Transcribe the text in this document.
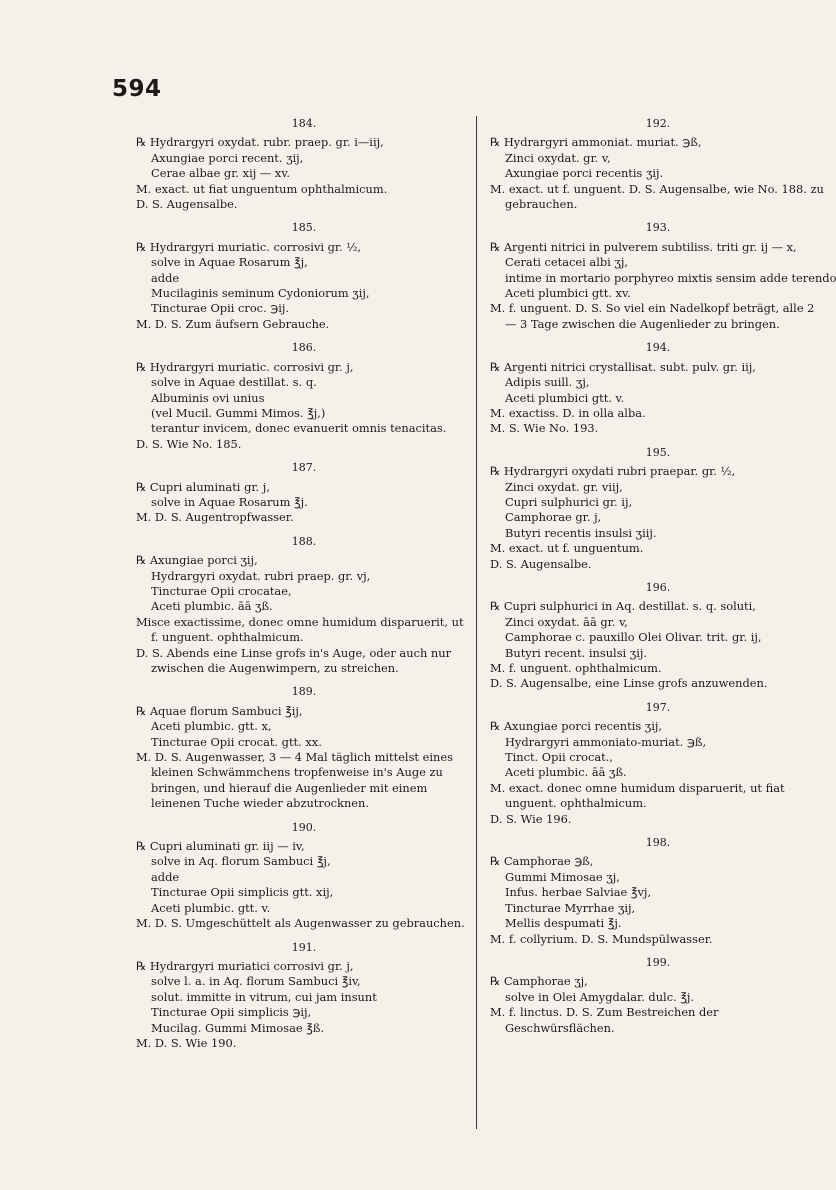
594
184.
℞ Hydrargyri oxydat. rubr. praep. gr. i—iij,
Axungiae porci recent. ʒij,
Cerae albae gr. xij — xv.
M. exact. ut fiat unguentum ophthalmicum.
D. S. Augensalbe.
185.
℞ Hydrargyri muriatic. corrosivi gr. ½,
solve in Aquae Rosarum ℥j,
adde
Mucilaginis seminum Cydoniorum ʒij,
Tincturae Opii croc. ℈ij.
M. D. S. Zum äufsern Gebrauche.
186.
℞ Hydrargyri muriatic. corrosivi gr. j,
solve in Aquae destillat. s. q.
Albuminis ovi unius
(vel Mucil. Gummi Mimos. ℥j,)
terantur invicem, donec evanuerit omnis tenacitas.
D. S. Wie No. 185.
187.
℞ Cupri aluminati gr. j,
solve in Aquae Rosarum ℥j.
M. D. S. Augentropfwasser.
188.
℞ Axungiae porci ʒij,
Hydrargyri oxydat. rubri praep. gr. vj,
Tincturae Opii crocatae,
Aceti plumbic. āā ʒß.
Misce exactissime, donec omne humidum disparuerit, ut f. unguent. ophthalmicum.
D. S. Abends eine Linse grofs in's Auge, oder auch nur zwischen die Augenwimpern, zu streichen.
189.
℞ Aquae florum Sambuci ℥ij,
Aceti plumbic. gtt. x,
Tincturae Opii crocat. gtt. xx.
M. D. S. Augenwasser, 3 — 4 Mal täglich mittelst eines kleinen Schwämmchens tropfenweise in's Auge zu bringen, und hierauf die Augenlieder mit einem leinenen Tuche wieder abzutrocknen.
190.
℞ Cupri aluminati gr. iij — iv,
solve in Aq. florum Sambuci ℥j,
adde
Tincturae Opii simplicis gtt. xij,
Aceti plumbic. gtt. v.
M. D. S. Umgeschüttelt als Augenwasser zu gebrauchen.
191.
℞ Hydrargyri muriatici corrosivi gr. j,
solve l. a. in Aq. florum Sambuci ℥iv,
solut. immitte in vitrum, cui jam insunt
Tincturae Opii simplicis ℈ij,
Mucilag. Gummi Mimosae ℥ß.
M. D. S. Wie 190.
192.
℞ Hydrargyri ammoniat. muriat. ℈ß,
Zinci oxydat. gr. v,
Axungiae porci recentis ʒij.
M. exact. ut f. unguent. D. S. Augensalbe, wie No. 188. zu gebrauchen.
193.
℞ Argenti nitrici in pulverem subtiliss. triti gr. ij — x,
Cerati cetacei albi ʒj,
intime in mortario porphyreo mixtis sensim adde terendo
Aceti plumbici gtt. xv.
M. f. unguent. D. S. So viel ein Nadelkopf beträgt, alle 2 — 3 Tage zwischen die Augenlieder zu bringen.
194.
℞ Argenti nitrici crystallisat. subt. pulv. gr. iij,
Adipis suill. ʒj,
Aceti plumbici gtt. v.
M. exactiss. D. in olla alba.
M. S. Wie No. 193.
195.
℞ Hydrargyri oxydati rubri praepar. gr. ½,
Zinci oxydat. gr. viij,
Cupri sulphurici gr. ij,
Camphorae gr. j,
Butyri recentis insulsi ʒiij.
M. exact. ut f. unguentum.
D. S. Augensalbe.
196.
℞ Cupri sulphurici in Aq. destillat. s. q. soluti,
Zinci oxydat. āā gr. v,
Camphorae c. pauxillo Olei Olivar. trit. gr. ij,
Butyri recent. insulsi ʒij.
M. f. unguent. ophthalmicum.
D. S. Augensalbe, eine Linse grofs anzuwenden.
197.
℞ Axungiae porci recentis ʒij,
Hydrargyri ammoniato-muriat. ℈ß,
Tinct. Opii crocat.,
Aceti plumbic. āā ʒß.
M. exact. donec omne humidum disparuerit, ut fiat unguent. ophthalmicum.
D. S. Wie 196.
198.
℞ Camphorae ℈ß,
Gummi Mimosae ʒj,
Infus. herbae Salviae ℥vj,
Tincturae Myrrhae ʒij,
Mellis despumati ℥j.
M. f. collyrium. D. S. Mundspülwasser.
199.
℞ Camphorae ʒj,
solve in Olei Amygdalar. dulc. ℥j.
M. f. linctus. D. S. Zum Bestreichen der Geschwürsflächen.
